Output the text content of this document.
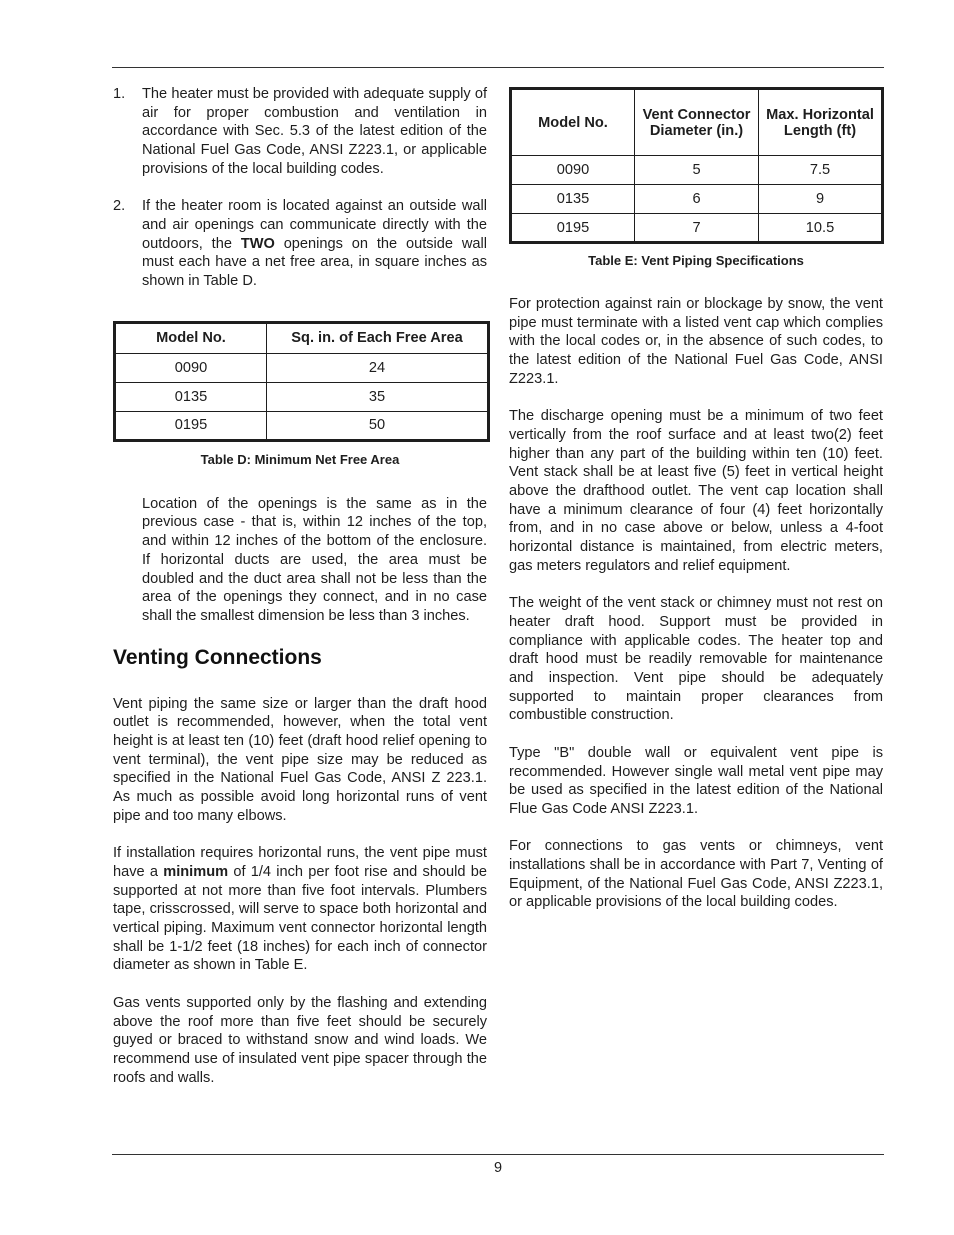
1. The heater must be provided with adequate supply of air for proper combustion and ventilation in accordance with Sec. 5.3 of the latest edition of the National Fuel Gas Code, ANSI Z223.1, or applicable provisions of the local building codes.

2. If the heater room is located against an outside wall and air openings can communicate directly with the outdoors, the TWO openings on the outside wall must each have a net free area, in square inches as shown in Table D.

Model No.	Sq. in. of Each Free Area
0090	24
0135	35
0195	50
Table D: Minimum Net Free Area

Location of the openings is the same as in the previous case - that is, within 12 inches of the top, and within 12 inches of the bottom of the enclosure. If horizontal ducts are used, the area must be doubled and the duct area shall not be less than the area of the openings they connect, and in no case shall the smallest dimension be less than 3 inches.

Venting Connections

Vent piping the same size or larger than the draft hood outlet is recommended, however, when the total vent height is at least ten (10) feet (draft hood relief opening to vent terminal), the vent pipe size may be reduced as specified in the National Fuel Gas Code, ANSI Z 223.1. As much as possible avoid long horizontal runs of vent pipe and too many elbows.

If installation requires horizontal runs, the vent pipe must have a minimum of 1/4 inch per foot rise and should be supported at not more than five foot intervals. Plumbers tape, crisscrossed, will serve to space both horizontal and vertical piping. Maximum vent connector horizontal length shall be 1-1/2 feet (18 inches) for each inch of connector diameter as shown in Table E.

Gas vents supported only by the flashing and extending above the roof more than five feet should be securely guyed or braced to withstand snow and wind loads. We recommend use of insulated vent pipe spacer through the roofs and walls.

Model No.	Vent Connector Diameter (in.)	Max. Horizontal Length (ft)
0090	5	7.5
0135	6	9
0195	7	10.5
Table E: Vent Piping Specifications

For protection against rain or blockage by snow, the vent pipe must terminate with a listed vent cap which complies with the local codes or, in the absence of such codes, to the latest edition of the National Fuel Gas Code, ANSI Z223.1.

The discharge opening must be a minimum of two feet vertically from the roof surface and at least two(2) feet higher than any part of the building within ten (10) feet. Vent stack shall be at least five (5) feet in vertical height above the drafthood outlet. The vent cap location shall have a minimum clearance of four (4) feet horizontally from, and in no case above or below, unless a 4-foot horizontal distance is maintained, from electric meters, gas meters regulators and relief equipment.

The weight of the vent stack or chimney must not rest on heater draft hood. Support must be provided in compliance with applicable codes. The heater top and draft hood must be readily removable for maintenance and inspection. Vent pipe should be adequately supported to maintain proper clearances from combustible construction.

Type "B" double wall or equivalent vent pipe is recommended. However single wall metal vent pipe may be used as specified in the latest edition of the National Flue Gas Code ANSI Z223.1.

For connections to gas vents or chimneys, vent installations shall be in accordance with Part 7, Venting of Equipment, of the National Fuel Gas Code, ANSI Z223.1, or applicable provisions of the local building codes.

9
